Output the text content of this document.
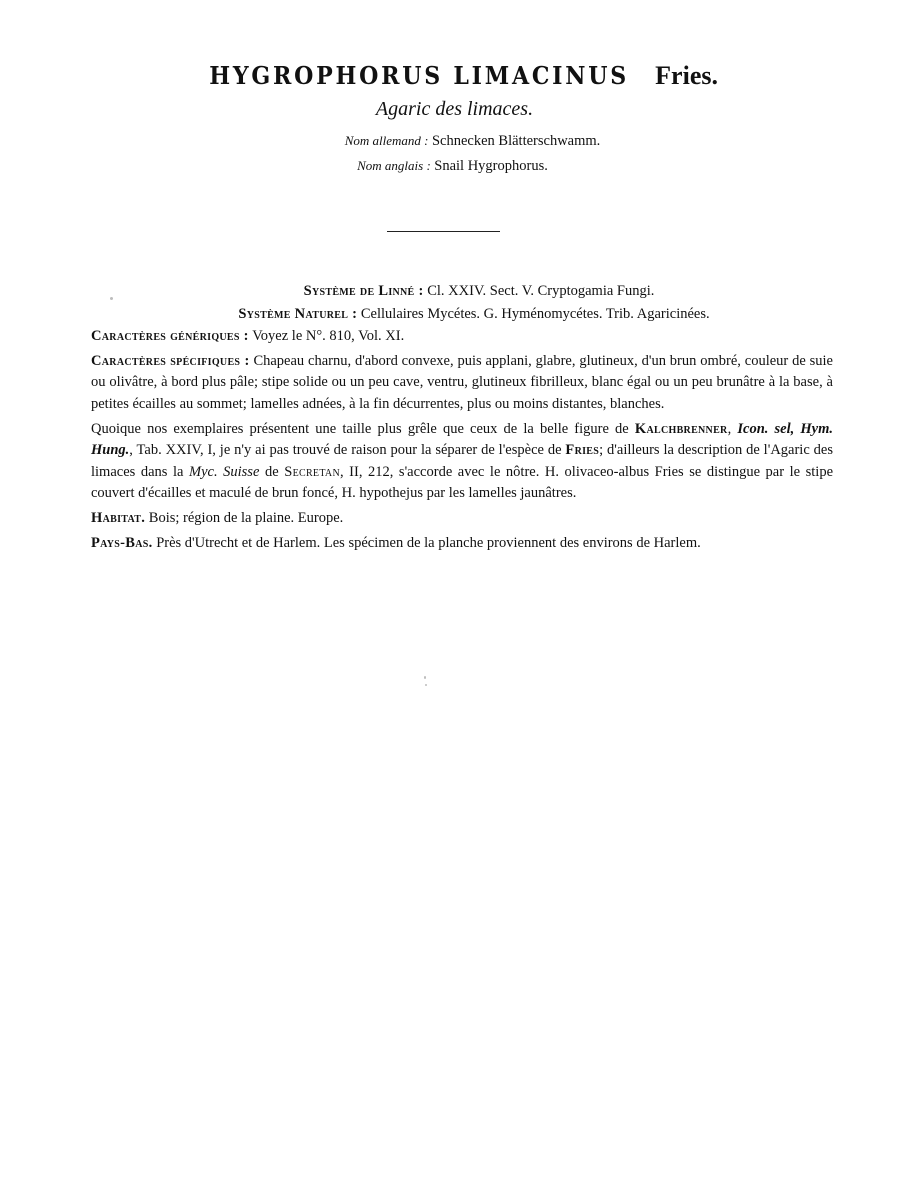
HYGROPHORUS LIMACINUS Fries.
Agaric des limaces.
Nom allemand : Schnecken Blätterschwamm.
Nom anglais : Snail Hygrophorus.

Système de Linné : Cl. XXIV. Sect. V. Cryptogamia Fungi.

Système Naturel : Cellulaires Mycétes. G. Hyménomycétes. Trib. Agaricinées.

Caractères génériques : Voyez le N°. 810, Vol. XI.

Caractères spécifiques : Chapeau charnu, d'abord convexe, puis applani, glabre, glutineux, d'un brun ombré, couleur de suie ou olivâtre, à bord plus pâle; stipe solide ou un peu cave, ventru, glutineux fibrilleux, blanc égal ou un peu brunâtre à la base, à petites écailles au sommet; lamelles adnées, à la fin décurrentes, plus ou moins distantes, blanches.

Quoique nos exemplaires présentent une taille plus grêle que ceux de la belle figure de Kalchbrenner, Icon. sel, Hym. Hung., Tab. XXIV, I, je n'y ai pas trouvé de raison pour la séparer de l'espèce de Fries; d'ailleurs la description de l'Agaric des limaces dans la Myc. Suisse de Secretan, II, 212, s'accorde avec le nôtre. H. olivaceo-albus Fries se distingue par le stipe couvert d'écailles et maculé de brun foncé, H. hypothejus par les lamelles jaunâtres.

Habitat. Bois; région de la plaine. Europe.

Pays-Bas. Près d'Utrecht et de Harlem. Les spécimen de la planche proviennent des environs de Harlem.
